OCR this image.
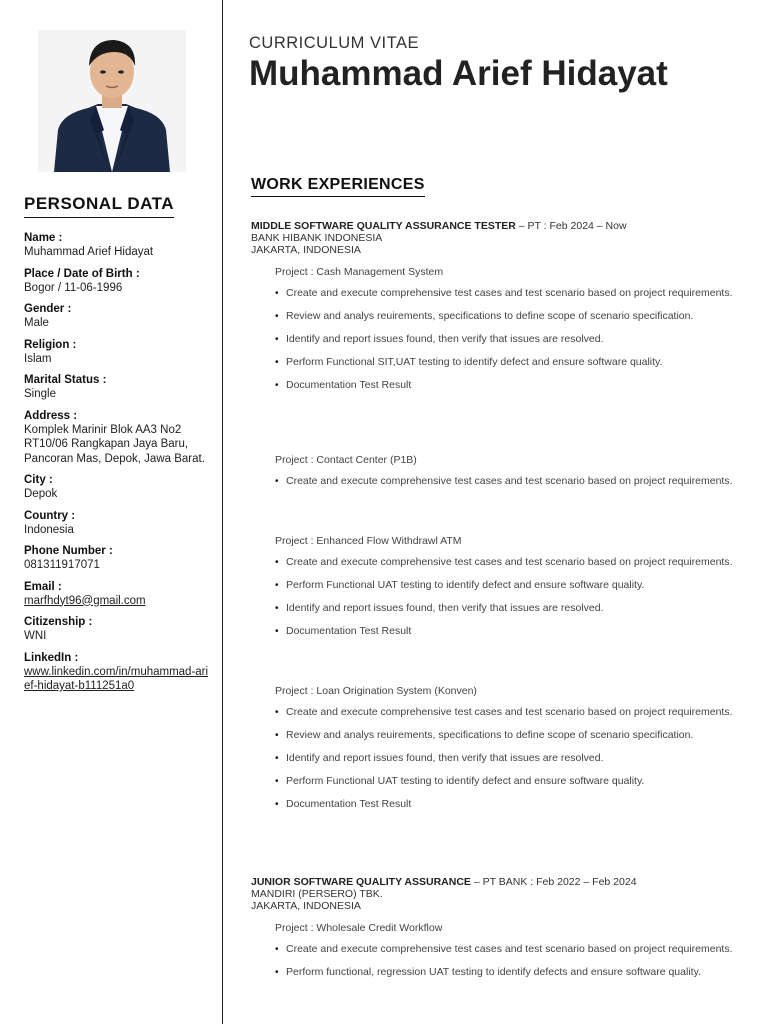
PERSONAL DATA
Name :
Muhammad Arief Hidayat
Place / Date of Birth :
Bogor / 11-06-1996
Gender :
Male
Religion :
Islam
Marital Status :
Single
Address :
Komplek Marinir Blok AA3 No2 RT10/06 Rangkapan Jaya Baru, Pancoran Mas, Depok, Jawa Barat.
City :
Depok
Country :
Indonesia
Phone Number :
081311917071
Email :
marfhdyt96@gmail.com
Citizenship :
WNI
LinkedIn :
www.linkedin.com/in/muhammad-arief-hidayat-b111251a0
CURRICULUM VITAE
Muhammad Arief Hidayat
WORK EXPERIENCES
MIDDLE SOFTWARE QUALITY ASSURANCE TESTER – PT : Feb 2024 – Now
BANK HIBANK INDONESIA
JAKARTA, INDONESIA
Project : Cash Management System
• Create and execute comprehensive test cases and test scenario based on project requirements.
• Review and analys reuirements, specifications to define scope of scenario specification.
• Identify and report issues found, then verify that issues are resolved.
• Perform Functional SIT,UAT testing to identify defect and ensure software quality.
• Documentation Test Result
Project : Contact Center (P1B)
• Create and execute comprehensive test cases and test scenario based on project requirements.
Project : Enhanced Flow Withdrawl ATM
• Create and execute comprehensive test cases and test scenario based on project requirements.
• Perform Functional UAT testing to identify defect and ensure software quality.
• Identify and report issues found, then verify that issues are resolved.
• Documentation Test Result
Project : Loan Origination System (Konven)
• Create and execute comprehensive test cases and test scenario based on project requirements.
• Review and analys reuirements, specifications to define scope of scenario specification.
• Identify and report issues found, then verify that issues are resolved.
• Perform Functional UAT testing to identify defect and ensure software quality.
• Documentation Test Result
JUNIOR SOFTWARE QUALITY ASSURANCE – PT BANK : Feb 2022 – Feb 2024
MANDIRI (PERSERO) TBK.
JAKARTA, INDONESIA
Project : Wholesale Credit Workflow
• Create and execute comprehensive test cases and test scenario based on project requirements.
• Perform functional, regression UAT testing to identify defects and ensure software quality.
